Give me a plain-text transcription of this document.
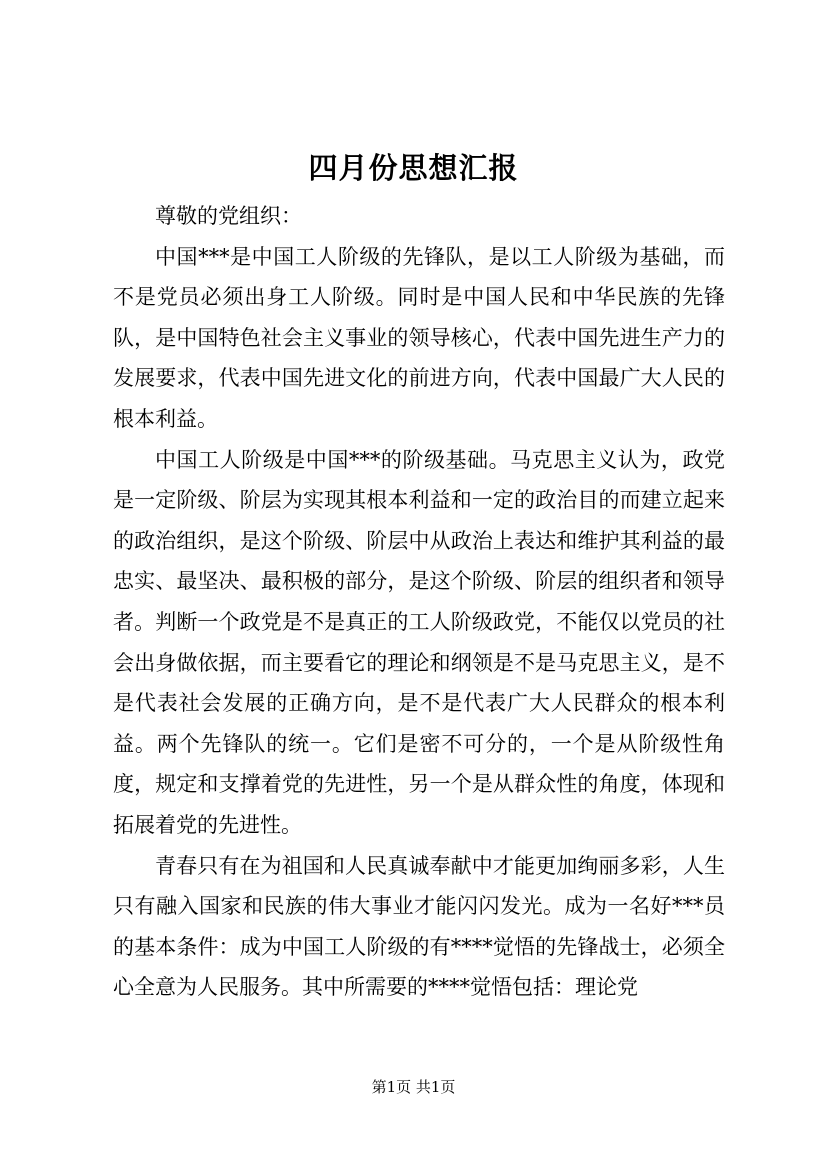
四月份思想汇报

尊敬的党组织：

中国***是中国工人阶级的先锋队，是以工人阶级为基础，而不是党员必须出身工人阶级。同时是中国人民和中华民族的先锋队，是中国特色社会主义事业的领导核心，代表中国先进生产力的发展要求，代表中国先进文化的前进方向，代表中国最广大人民的根本利益。

中国工人阶级是中国***的阶级基础。马克思主义认为，政党是一定阶级、阶层为实现其根本利益和一定的政治目的而建立起来的政治组织，是这个阶级、阶层中从政治上表达和维护其利益的最忠实、最坚决、最积极的部分，是这个阶级、阶层的组织者和领导者。判断一个政党是不是真正的工人阶级政党，不能仅以党员的社会出身做依据，而主要看它的理论和纲领是不是马克思主义，是不是代表社会发展的正确方向，是不是代表广大人民群众的根本利益。两个先锋队的统一。它们是密不可分的，一个是从阶级性角度，规定和支撑着党的先进性，另一个是从群众性的角度，体现和拓展着党的先进性。

青春只有在为祖国和人民真诚奉献中才能更加绚丽多彩，人生只有融入国家和民族的伟大事业才能闪闪发光。成为一名好***员的基本条件：成为中国工人阶级的有****觉悟的先锋战士，必须全心全意为人民服务。其中所需要的****觉悟包括：理论党

第1页 共1页
